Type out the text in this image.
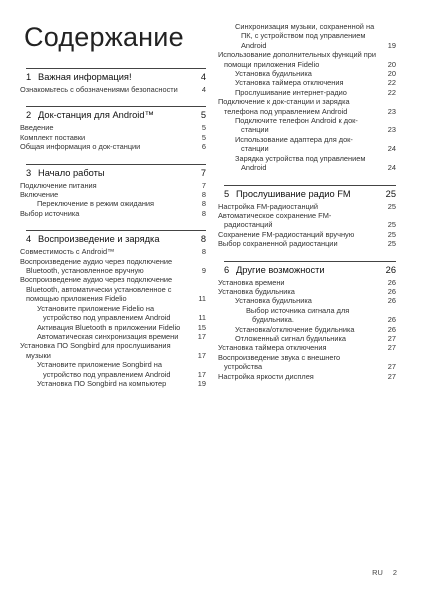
Содержание
1 Важная информация!	4
Ознакомьтесь с обозначениями безопасности	4
2 Док-станция для Android™	5
Введение	5
Комплект поставки	5
Общая информация о док-станции	6
3 Начало работы	7
Подключение питания	7
Включение	8
Переключение в режим ожидания	8
Выбор источника	8
4 Воспроизведение и зарядка	8
Совместимость с Android™	8
Воспроизведение аудио через подключение Bluetooth, установленное вручную	9
Воспроизведение аудио через подключение Bluetooth, автоматически установленное с помощью приложения Fidelio	11
Установите приложение Fidelio на устройство под управлением Android	11
Активация Bluetooth в приложении Fidelio	15
Автоматическая синхронизация времени	17
Установка ПО Songbird для прослушивания музыки	17
Установите приложение Songbird на устройство под управлением Android	17
Установка ПО Songbird на компьютер	19
Синхронизация музыки, сохраненной на ПК, с устройством под управлением Android	19
Использование дополнительных функций при помощи приложения Fidelio	20
Установка будильника	20
Установка таймера отключения	22
Прослушивание интернет-радио	22
Подключение к док-станции и зарядка телефона под управлением Android	23
Подключите телефон Android к док-станции	23
Использование адаптера для док-станции	24
Зарядка устройства под управлением Android	24
5 Прослушивание радио FM	25
Настройка FM-радиостанций	25
Автоматическое сохранение FM-радиостанций	25
Сохранение FM-радиостанций вручную	25
Выбор сохраненной радиостанции	25
6 Другие возможности	26
Установка времени	26
Установка будильника	26
Установка будильника	26
Выбор источника сигнала для будильника.	26
Установка/отключение будильника	26
Отложенный сигнал будильника	27
Установка таймера отключения	27
Воспроизведение звука с внешнего устройства	27
Настройка яркости дисплея	27
RU 2
